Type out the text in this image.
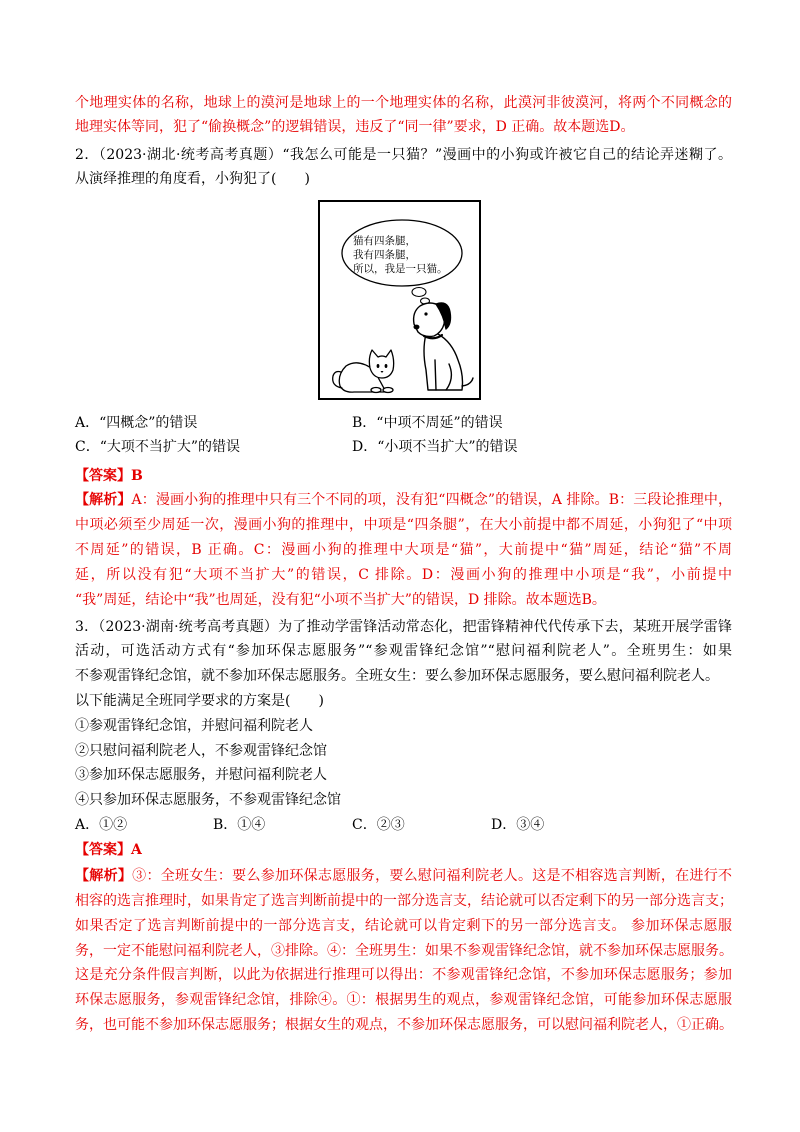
个地理实体的名称，地球上的漠河是地球上的一个地理实体的名称，此漠河非彼漠河，将两个不同概念的
地理实体等同，犯了“偷换概念”的逻辑错误，违反了“同一律”要求，D 正确。故本题选D。
2．（2023·湖北·统考高考真题）“我怎么可能是一只猫？”漫画中的小狗或许被它自己的结论弄迷糊了。
从演绎推理的角度看，小狗犯了(　　)
猫有四条腿，
我有四条腿，
所以，我是一只猫。
A．“四概念”的错误	B．“中项不周延”的错误
C．“大项不当扩大”的错误	D．“小项不当扩大”的错误
【答案】B
【解析】A：漫画小狗的推理中只有三个不同的项，没有犯“四概念”的错误，A 排除。B：三段论推理中，
中项必须至少周延一次，漫画小狗的推理中，中项是“四条腿”，在大小前提中都不周延，小狗犯了“中项
不周延”的错误，B 正确。C：漫画小狗的推理中大项是“猫”，大前提中“猫”周延，结论“猫”不周
延，所以没有犯“大项不当扩大”的错误，C 排除。D：漫画小狗的推理中小项是“我”，小前提中
“我”周延，结论中“我”也周延，没有犯“小项不当扩大”的错误，D 排除。故本题选B。
3．（2023·湖南·统考高考真题）为了推动学雷锋活动常态化，把雷锋精神代代传承下去，某班开展学雷锋
活动，可选活动方式有“参加环保志愿服务”“参观雷锋纪念馆”“慰问福利院老人”。全班男生：如果
不参观雷锋纪念馆，就不参加环保志愿服务。全班女生：要么参加环保志愿服务，要么慰问福利院老人。
以下能满足全班同学要求的方案是(　　)
①参观雷锋纪念馆，并慰问福利院老人
②只慰问福利院老人，不参观雷锋纪念馆
③参加环保志愿服务，并慰问福利院老人
④只参加环保志愿服务，不参观雷锋纪念馆
A．①②	B．①④	C．②③	D．③④
【答案】A
【解析】③：全班女生：要么参加环保志愿服务，要么慰问福利院老人。这是不相容选言判断，在进行不
相容的选言推理时，如果肯定了选言判断前提中的一部分选言支，结论就可以否定剩下的另一部分选言支；
如果否定了选言判断前提中的一部分选言支，结论就可以肯定剩下的另一部分选言支。 参加环保志愿服
务，一定不能慰问福利院老人，③排除。④：全班男生：如果不参观雷锋纪念馆，就不参加环保志愿服务。
这是充分条件假言判断，以此为依据进行推理可以得出：不参观雷锋纪念馆，不参加环保志愿服务；参加
环保志愿服务，参观雷锋纪念馆，排除④。①：根据男生的观点，参观雷锋纪念馆，可能参加环保志愿服
务，也可能不参加环保志愿服务；根据女生的观点，不参加环保志愿服务，可以慰问福利院老人，①正确。
